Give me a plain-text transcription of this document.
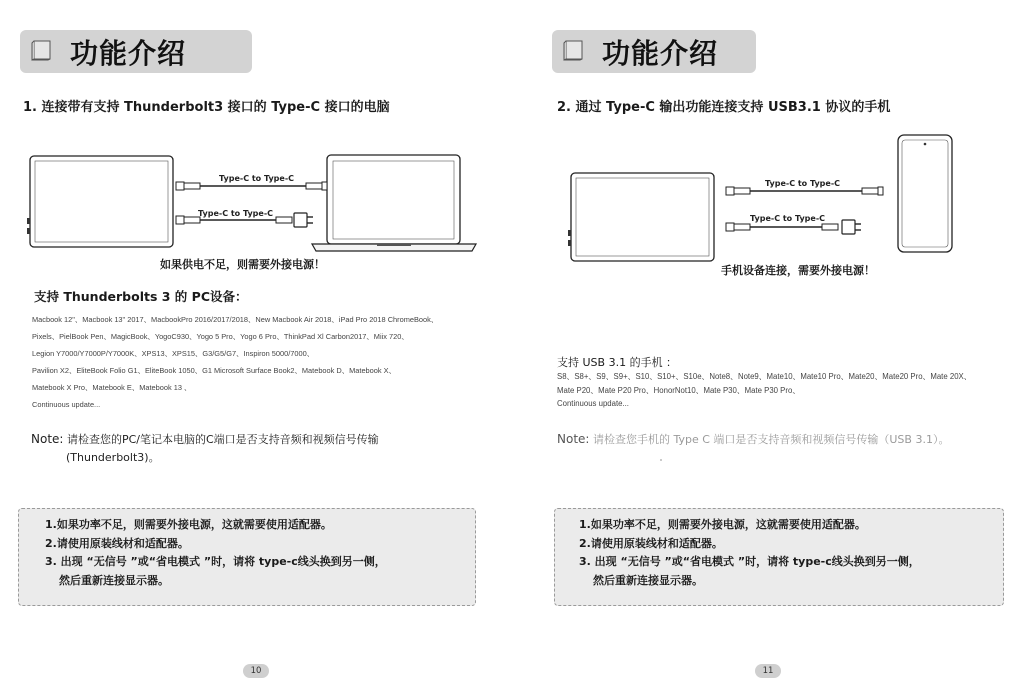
功能介绍
1. 连接带有支持 Thunderbolt3 接口的 Type-C 接口的电脑
Type-C to Type-C
Type-C to Type-C
如果供电不足，则需要外接电源！
支持 Thunderbolts 3 的 PC设备：
Macbook 12"、Macbook 13" 2017、MacbookPro 2016/2017/2018、New Macbook Air 2018、iPad Pro 2018 ChromeBook、
Pixels、PielBook Pen、MagicBook、YogoC930、Yogo 5 Pro、Yogo 6 Pro、ThinkPad Xl Carbon2017、Miix 720、
Legion Y7000/Y7000P/Y7000K、XPS13、XPS15、G3/G5/G7、Inspiron 5000/7000、
Pavilion X2、ElitеBook Folio G1、EliteBook 1050、G1 Microsoft Surface Book2、Matebook D、Matebook X、
Matebook X Pro、Matebook E、Matebook 13 、
Continuous update...
Note: 请检查您的PC/笔记本电脑的C端口是否支持音频和视频信号传输
(Thunderbolt3)。
1.如果功率不足，则需要外接电源，这就需要使用适配器。
2.请使用原装线材和适配器。
3. 出现 “无信号 ”或“省电模式 ”时，请将 type-c线头换到另一侧，
然后重新连接显示器。
10
功能介绍
2. 通过 Type-C 输出功能连接支持 USB3.1 协议的手机
Type-C to Type-C
Type-C to Type-C
手机设备连接，需要外接电源！
支持 USB 3.1 的手机 ：
S8、S8+、S9、S9+、S10、S10+、S10e、Note8、Note9、Mate10、Mate10 Pro、Mate20、Mate20 Pro、Mate 20X、
Mate P20、Mate P20 Pro、HonorNot10、Mate P30、Mate P30 Pro、
Continuous update...
Note: 请检查您手机的 Type C 端口是否支持音频和视频信号传输（USB 3.1）。
1.如果功率不足，则需要外接电源，这就需要使用适配器。
2.请使用原装线材和适配器。
3. 出现 “无信号 ”或“省电模式 ”时，请将 type-c线头换到另一侧，
然后重新连接显示器。
11
